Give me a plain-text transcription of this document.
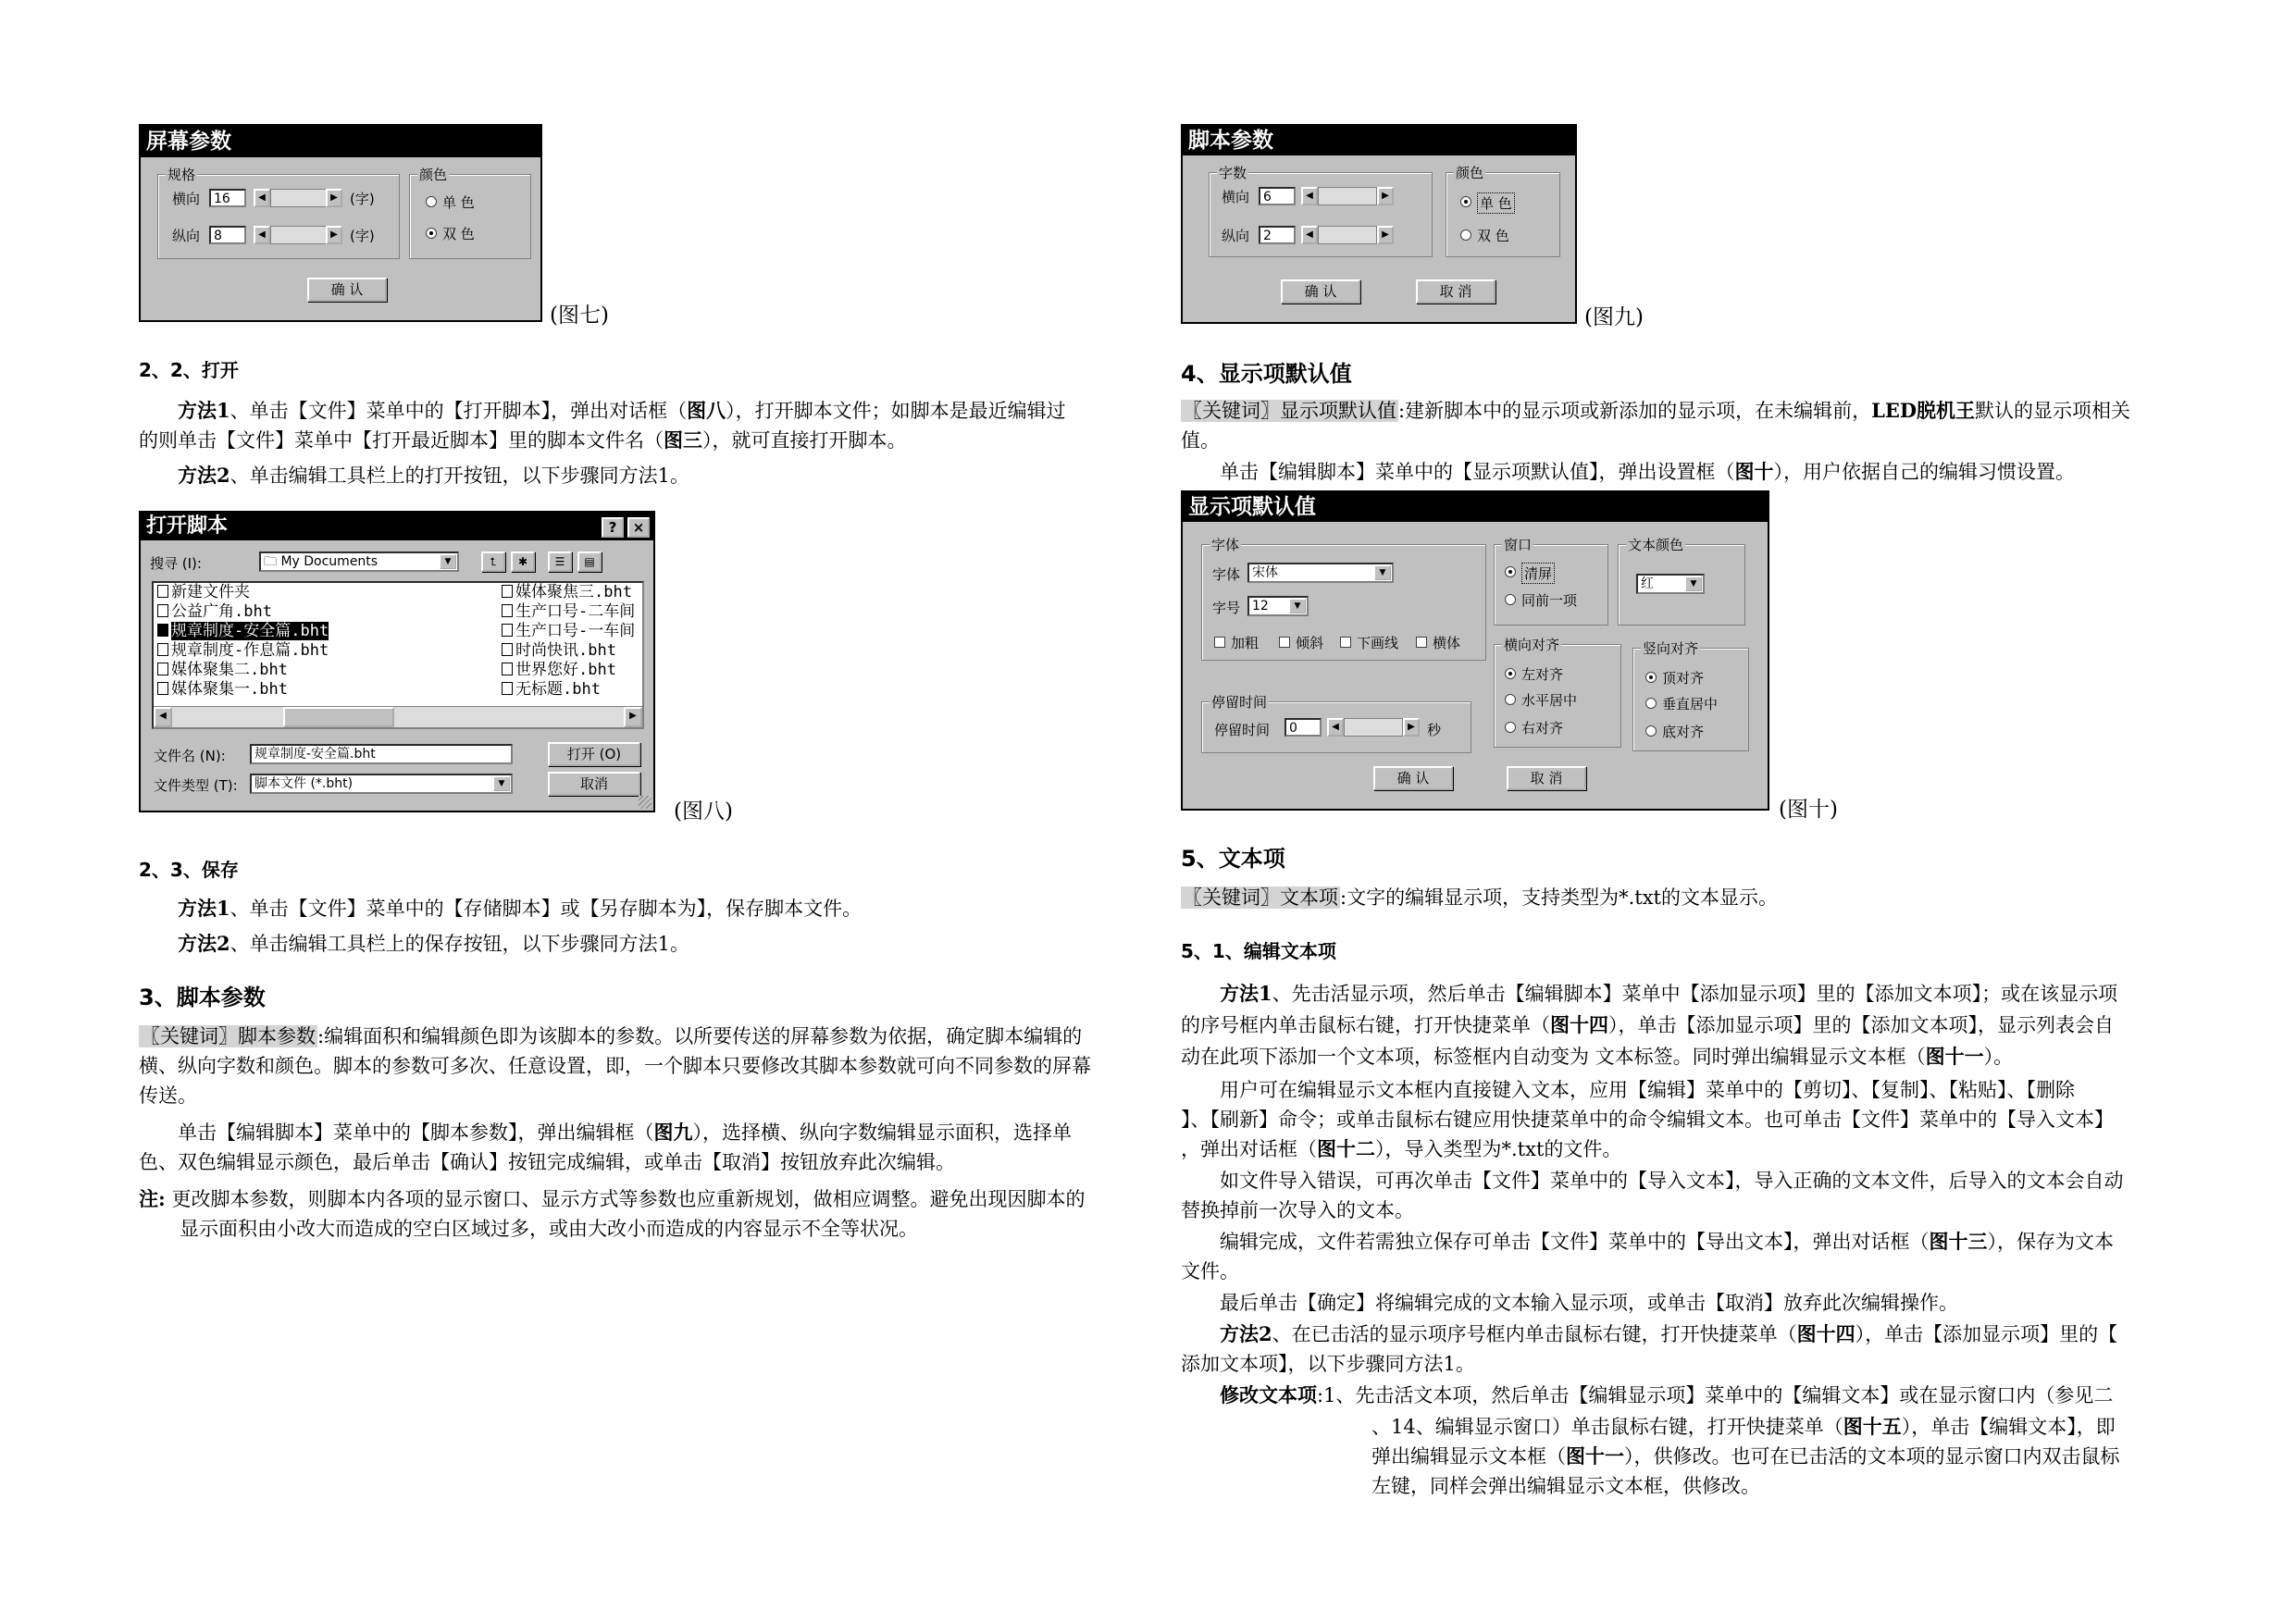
屏幕参数
规格
横向	16	◀	▶ (字)
纵向	8	◀	▶ (字)
颜色
单 色
双 色
确 认
(图七)
2、2、打开
方法1、单击【文件】菜单中的【打开脚本】，弹出对话框（图八），打开脚本文件；如脚本是最近编辑过
的则单击【文件】菜单中【打开最近脚本】里的脚本文件名（图三），就可直接打开脚本。
方法2、单击编辑工具栏上的打开按钮，以下步骤同方法1。
打开脚本	?	×
搜寻 (I):	🗀 My Documents	▼	⮤	✱	☰	▤
新建文件夹
公益广角.bht
规章制度-安全篇.bht
规章制度-作息篇.bht
媒体聚集二.bht
媒体聚集一.bht
媒体聚焦三.bht
生产口号-二车间
生产口号-一车间
时尚快讯.bht
世界您好.bht
无标题.bht
◀	▶
文件名 (N):	规章制度-安全篇.bht	打开 (O)
文件类型 (T):	脚本文件 (*.bht)	▼	取消
(图八)
2、3、保存
方法1、单击【文件】菜单中的【存储脚本】或【另存脚本为】，保存脚本文件。
方法2、单击编辑工具栏上的保存按钮，以下步骤同方法1。
3、脚本参数
〖关键词〗脚本参数:编辑面积和编辑颜色即为该脚本的参数。以所要传送的屏幕参数为依据，确定脚本编辑的
横、纵向字数和颜色。脚本的参数可多次、任意设置，即，一个脚本只要修改其脚本参数就可向不同参数的屏幕
传送。
单击【编辑脚本】菜单中的【脚本参数】，弹出编辑框（图九），选择横、纵向字数编辑显示面积，选择单
色、双色编辑显示颜色，最后单击【确认】按钮完成编辑，或单击【取消】按钮放弃此次编辑。
注: 更改脚本参数，则脚本内各项的显示窗口、显示方式等参数也应重新规划，做相应调整。避免出现因脚本的
显示面积由小改大而造成的空白区域过多，或由大改小而造成的内容显示不全等状况。
脚本参数
字数
横向	6	◀	▶
纵向	2	◀	▶
颜色
单 色
双 色
确 认	取 消
(图九)
4、显示项默认值
〖关键词〗显示项默认值:建新脚本中的显示项或新添加的显示项，在未编辑前，LED脱机王默认的显示项相关
值。
单击【编辑脚本】菜单中的【显示项默认值】，弹出设置框（图十），用户依据自己的编辑习惯设置。
显示项默认值
字体
字体 宋体	▼
字号 12	▼
加粗	倾斜 下画线 横体
窗口
清屏
同前一项
文本颜色
红	▼
横向对齐
左对齐
水平居中
右对齐
竖向对齐
顶对齐
垂直居中
底对齐
停留时间
停留时间	0	◀	▶ 秒
确 认	取 消
(图十)
5、文本项
〖关键词〗文本项:文字的编辑显示项，支持类型为*.txt的文本显示。
5、1、编辑文本项
方法1、先击活显示项，然后单击【编辑脚本】菜单中【添加显示项】里的【添加文本项】；或在该显示项
的序号框内单击鼠标右键，打开快捷菜单（图十四），单击【添加显示项】里的【添加文本项】，显示列表会自
动在此项下添加一个文本项，标签框内自动变为 文本标签。同时弹出编辑显示文本框（图十一）。
用户可在编辑显示文本框内直接键入文本，应用【编辑】菜单中的【剪切】、【复制】、【粘贴】、【删除
】、【刷新】命令；或单击鼠标右键应用快捷菜单中的命令编辑文本。也可单击【文件】菜单中的【导入文本】
，弹出对话框（图十二），导入类型为*.txt的文件。
如文件导入错误，可再次单击【文件】菜单中的【导入文本】，导入正确的文本文件，后导入的文本会自动
替换掉前一次导入的文本。
编辑完成，文件若需独立保存可单击【文件】菜单中的【导出文本】，弹出对话框（图十三），保存为文本
文件。
最后单击【确定】将编辑完成的文本输入显示项，或单击【取消】放弃此次编辑操作。
方法2、在已击活的显示项序号框内单击鼠标右键，打开快捷菜单（图十四），单击【添加显示项】里的【
添加文本项】，以下步骤同方法1。
修改文本项:1、先击活文本项，然后单击【编辑显示项】菜单中的【编辑文本】或在显示窗口内（参见二
、14、编辑显示窗口）单击鼠标右键，打开快捷菜单（图十五），单击【编辑文本】，即
弹出编辑显示文本框（图十一），供修改。也可在已击活的文本项的显示窗口内双击鼠标
左键，同样会弹出编辑显示文本框，供修改。
